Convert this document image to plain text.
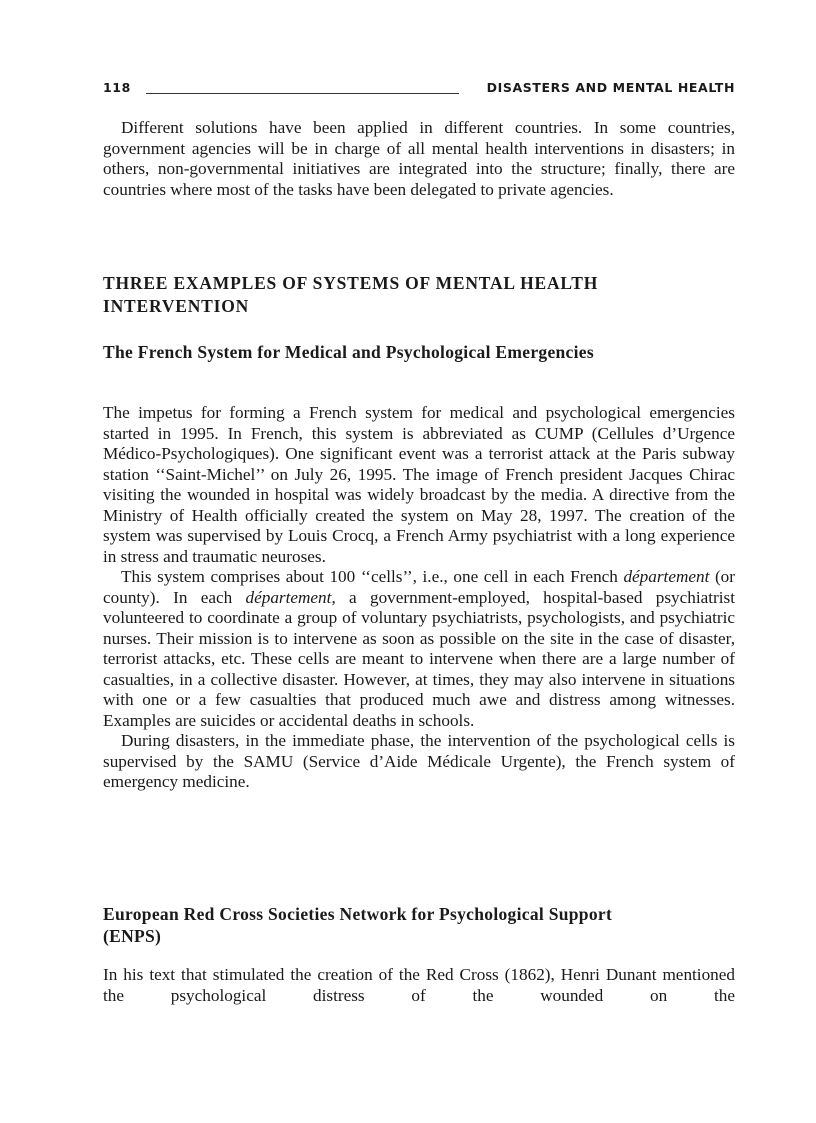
118	DISASTERS AND MENTAL HEALTH

Different solutions have been applied in different countries. In some countries, government agencies will be in charge of all mental health interventions in disasters; in others, non-governmental initiatives are integrated into the structure; finally, there are countries where most of the tasks have been delegated to private agencies.

THREE EXAMPLES OF SYSTEMS OF MENTAL HEALTH INTERVENTION
The French System for Medical and Psychological Emergencies

The impetus for forming a French system for medical and psychological emergencies started in 1995. In French, this system is abbreviated as CUMP (Cellules d’Urgence Médico-Psychologiques). One significant event was a terrorist attack at the Paris subway station ‘‘Saint-Michel’’ on July 26, 1995. The image of French president Jacques Chirac visiting the wounded in hospital was widely broadcast by the media. A directive from the Ministry of Health officially created the system on May 28, 1997. The creation of the system was supervised by Louis Crocq, a French Army psychiatrist with a long experience in stress and traumatic neuroses.

This system comprises about 100 ‘‘cells’’, i.e., one cell in each French département (or county). In each département, a government-employed, hospital-based psychiatrist volunteered to coordinate a group of voluntary psychiatrists, psychologists, and psychiatric nurses. Their mission is to intervene as soon as possible on the site in the case of disaster, terrorist attacks, etc. These cells are meant to intervene when there are a large number of casualties, in a collective disaster. However, at times, they may also intervene in situations with one or a few casualties that produced much awe and distress among witnesses. Examples are suicides or accidental deaths in schools.

During disasters, in the immediate phase, the intervention of the psychological cells is supervised by the SAMU (Service d’Aide Médicale Urgente), the French system of emergency medicine.

European Red Cross Societies Network for Psychological Support (ENPS)

In his text that stimulated the creation of the Red Cross (1862), Henri Dunant mentioned the psychological distress of the wounded on the
